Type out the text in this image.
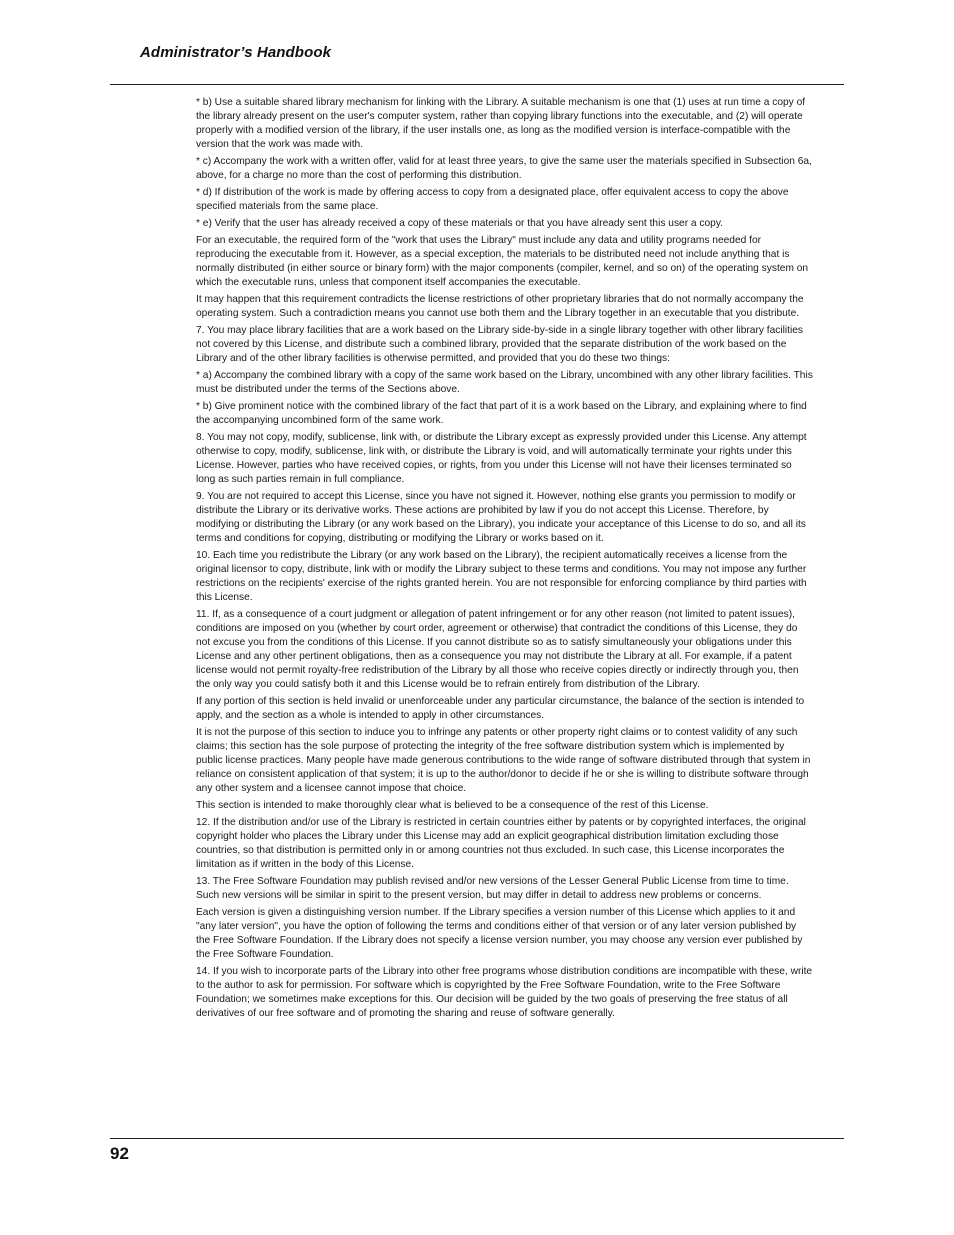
Administrator’s Handbook

* b) Use a suitable shared library mechanism for linking with the Library. A suitable mechanism is one that (1) uses at run time a copy of the library already present on the user's computer system, rather than copying library functions into the executable, and (2) will operate properly with a modified version of the library, if the user installs one, as long as the modified version is interface-compatible with the version that the work was made with.

* c) Accompany the work with a written offer, valid for at least three years, to give the same user the materials specified in Subsection 6a, above, for a charge no more than the cost of performing this distribution.

* d) If distribution of the work is made by offering access to copy from a designated place, offer equivalent access to copy the above specified materials from the same place.

* e) Verify that the user has already received a copy of these materials or that you have already sent this user a copy.

For an executable, the required form of the "work that uses the Library" must include any data and utility programs needed for reproducing the executable from it. However, as a special exception, the materials to be distributed need not include anything that is normally distributed (in either source or binary form) with the major components (compiler, kernel, and so on) of the operating system on which the executable runs, unless that component itself accompanies the executable.

It may happen that this requirement contradicts the license restrictions of other proprietary libraries that do not normally accompany the operating system. Such a contradiction means you cannot use both them and the Library together in an executable that you distribute.

7. You may place library facilities that are a work based on the Library side-by-side in a single library together with other library facilities not covered by this License, and distribute such a combined library, provided that the separate distribution of the work based on the Library and of the other library facilities is otherwise permitted, and provided that you do these two things:

* a) Accompany the combined library with a copy of the same work based on the Library, uncombined with any other library facilities. This must be distributed under the terms of the Sections above.

* b) Give prominent notice with the combined library of the fact that part of it is a work based on the Library, and explaining where to find the accompanying uncombined form of the same work.

8. You may not copy, modify, sublicense, link with, or distribute the Library except as expressly provided under this License. Any attempt otherwise to copy, modify, sublicense, link with, or distribute the Library is void, and will automatically terminate your rights under this License. However, parties who have received copies, or rights, from you under this License will not have their licenses terminated so long as such parties remain in full compliance.

9. You are not required to accept this License, since you have not signed it. However, nothing else grants you permission to modify or distribute the Library or its derivative works. These actions are prohibited by law if you do not accept this License. Therefore, by modifying or distributing the Library (or any work based on the Library), you indicate your acceptance of this License to do so, and all its terms and conditions for copying, distributing or modifying the Library or works based on it.

10. Each time you redistribute the Library (or any work based on the Library), the recipient automatically receives a license from the original licensor to copy, distribute, link with or modify the Library subject to these terms and conditions. You may not impose any further restrictions on the recipients' exercise of the rights granted herein. You are not responsible for enforcing compliance by third parties with this License.

11. If, as a consequence of a court judgment or allegation of patent infringement or for any other reason (not limited to patent issues), conditions are imposed on you (whether by court order, agreement or otherwise) that contradict the conditions of this License, they do not excuse you from the conditions of this License. If you cannot distribute so as to satisfy simultaneously your obligations under this License and any other pertinent obligations, then as a consequence you may not distribute the Library at all. For example, if a patent license would not permit royalty-free redistribution of the Library by all those who receive copies directly or indirectly through you, then the only way you could satisfy both it and this License would be to refrain entirely from distribution of the Library.

If any portion of this section is held invalid or unenforceable under any particular circumstance, the balance of the section is intended to apply, and the section as a whole is intended to apply in other circumstances.

It is not the purpose of this section to induce you to infringe any patents or other property right claims or to contest validity of any such claims; this section has the sole purpose of protecting the integrity of the free software distribution system which is implemented by public license practices. Many people have made generous contributions to the wide range of software distributed through that system in reliance on consistent application of that system; it is up to the author/donor to decide if he or she is willing to distribute software through any other system and a licensee cannot impose that choice.

This section is intended to make thoroughly clear what is believed to be a consequence of the rest of this License.

12. If the distribution and/or use of the Library is restricted in certain countries either by patents or by copyrighted interfaces, the original copyright holder who places the Library under this License may add an explicit geographical distribution limitation excluding those countries, so that distribution is permitted only in or among countries not thus excluded. In such case, this License incorporates the limitation as if written in the body of this License.

13. The Free Software Foundation may publish revised and/or new versions of the Lesser General Public License from time to time. Such new versions will be similar in spirit to the present version, but may differ in detail to address new problems or concerns.

Each version is given a distinguishing version number. If the Library specifies a version number of this License which applies to it and "any later version", you have the option of following the terms and conditions either of that version or of any later version published by the Free Software Foundation. If the Library does not specify a license version number, you may choose any version ever published by the Free Software Foundation.

14. If you wish to incorporate parts of the Library into other free programs whose distribution conditions are incompatible with these, write to the author to ask for permission. For software which is copyrighted by the Free Software Foundation, write to the Free Software Foundation; we sometimes make exceptions for this. Our decision will be guided by the two goals of preserving the free status of all derivatives of our free software and of promoting the sharing and reuse of software generally.

92
